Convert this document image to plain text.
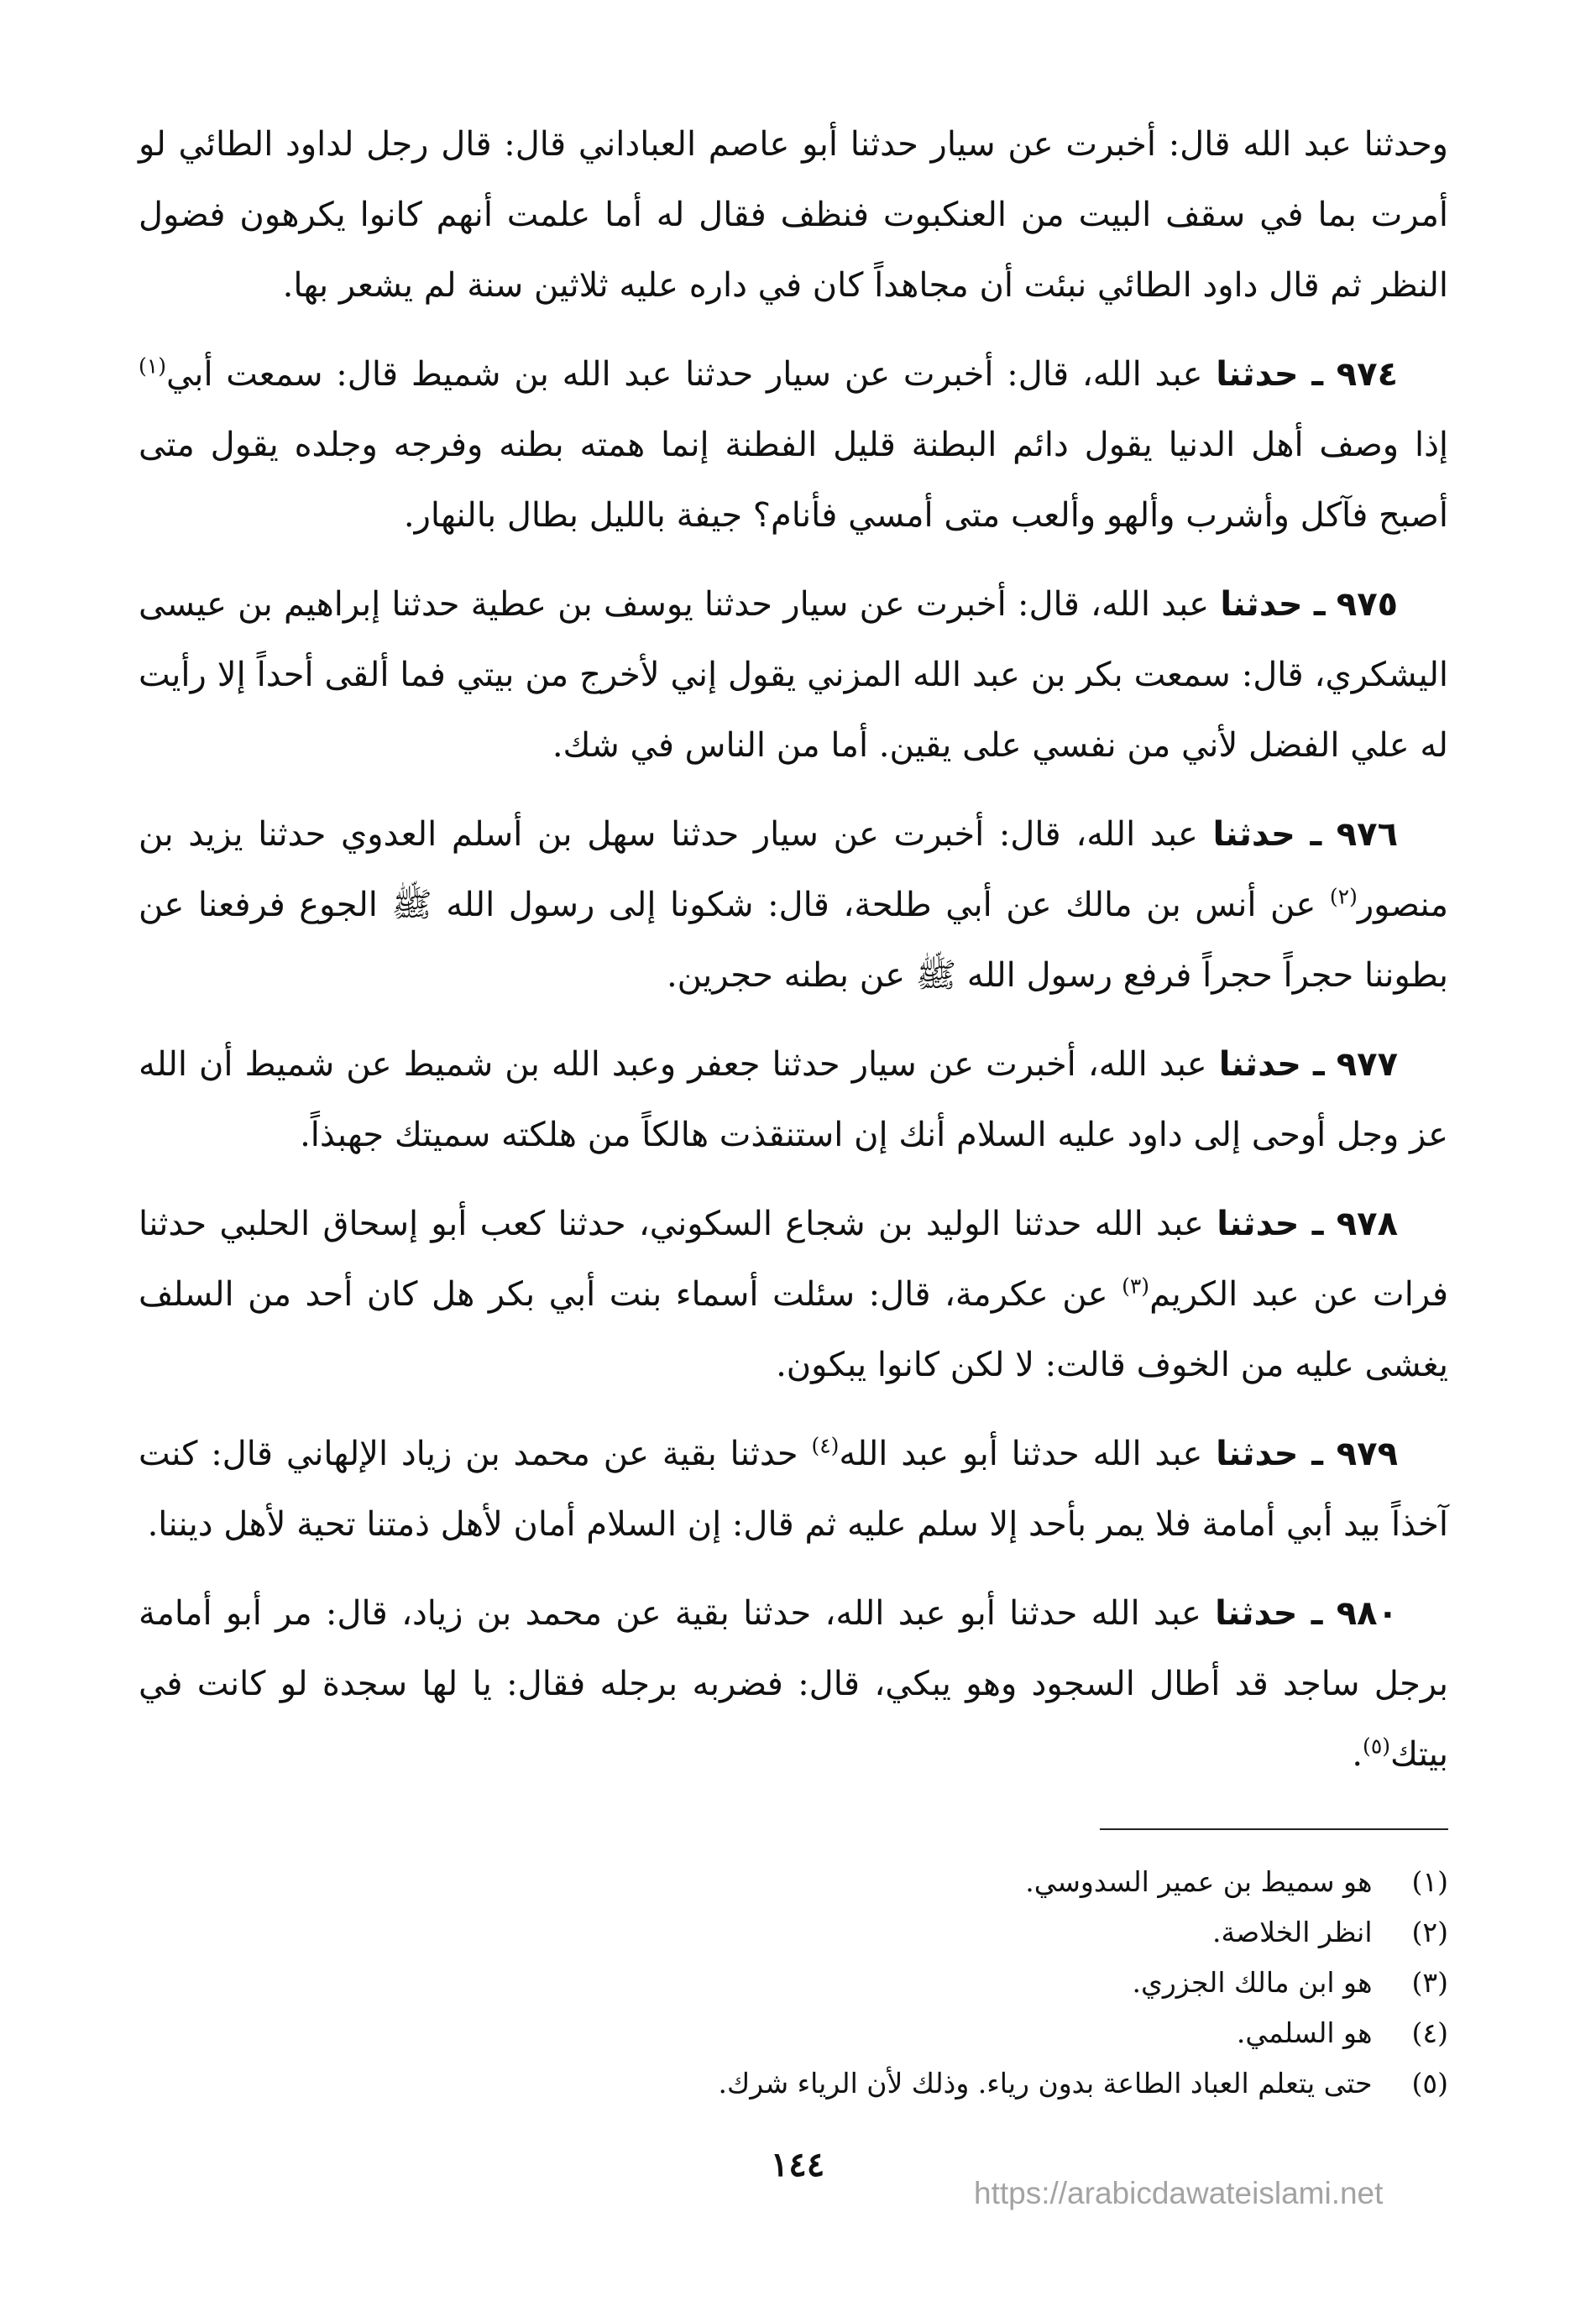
وحدثنا عبد الله قال: أخبرت عن سيار حدثنا أبو عاصم العباداني قال: قال رجل لداود الطائي لو أمرت بما في سقف البيت من العنكبوت فنظف فقال له أما علمت أنهم كانوا يكرهون فضول النظر ثم قال داود الطائي نبئت أن مجاهداً كان في داره عليه ثلاثين سنة لم يشعر بها.

٩٧٤ ـ حدثنا عبد الله، قال: أخبرت عن سيار حدثنا عبد الله بن شميط قال: سمعت أبي$^{(١)}$ إذا وصف أهل الدنيا يقول دائم البطنة قليل الفطنة إنما همته بطنه وفرجه وجلده يقول متى أصبح فآكل وأشرب وألهو وألعب متى أمسي فأنام؟ جيفة بالليل بطال بالنهار.

٩٧٥ ـ حدثنا عبد الله، قال: أخبرت عن سيار حدثنا يوسف بن عطية حدثنا إبراهيم بن عيسى اليشكري، قال: سمعت بكر بن عبد الله المزني يقول إني لأخرج من بيتي فما ألقى أحداً إلا رأيت له علي الفضل لأني من نفسي على يقين. أما من الناس في شك.

٩٧٦ ـ حدثنا عبد الله، قال: أخبرت عن سيار حدثنا سهل بن أسلم العدوي حدثنا يزيد بن منصور$^{(٢)}$ عن أنس بن مالك عن أبي طلحة، قال: شكونا إلى رسول الله ﷺ الجوع فرفعنا عن بطوننا حجراً حجراً فرفع رسول الله ﷺ عن بطنه حجرين.

٩٧٧ ـ حدثنا عبد الله، أخبرت عن سيار حدثنا جعفر وعبد الله بن شميط عن شميط أن الله عز وجل أوحى إلى داود عليه السلام أنك إن استنقذت هالكاً من هلكته سميتك جهبذاً.

٩٧٨ ـ حدثنا عبد الله حدثنا الوليد بن شجاع السكوني، حدثنا كعب أبو إسحاق الحلبي حدثنا فرات عن عبد الكريم$^{(٣)}$ عن عكرمة، قال: سئلت أسماء بنت أبي بكر هل كان أحد من السلف يغشى عليه من الخوف قالت: لا لكن كانوا يبكون.

٩٧٩ ـ حدثنا عبد الله حدثنا أبو عبد الله$^{(٤)}$ حدثنا بقية عن محمد بن زياد الإلهاني قال: كنت آخذاً بيد أبي أمامة فلا يمر بأحد إلا سلم عليه ثم قال: إن السلام أمان لأهل ذمتنا تحية لأهل ديننا.

٩٨٠ ـ حدثنا عبد الله حدثنا أبو عبد الله، حدثنا بقية عن محمد بن زياد، قال: مر أبو أمامة برجل ساجد قد أطال السجود وهو يبكي، قال: فضربه برجله فقال: يا لها سجدة لو كانت في بيتك$^{(٥)}$.

(١) هو سميط بن عمير السدوسي.
(٢) انظر الخلاصة.
(٣) هو ابن مالك الجزري.
(٤) هو السلمي.
(٥) حتى يتعلم العباد الطاعة بدون رياء. وذلك لأن الرياء شرك.
١٤٤
https://arabicdawateislami.net
